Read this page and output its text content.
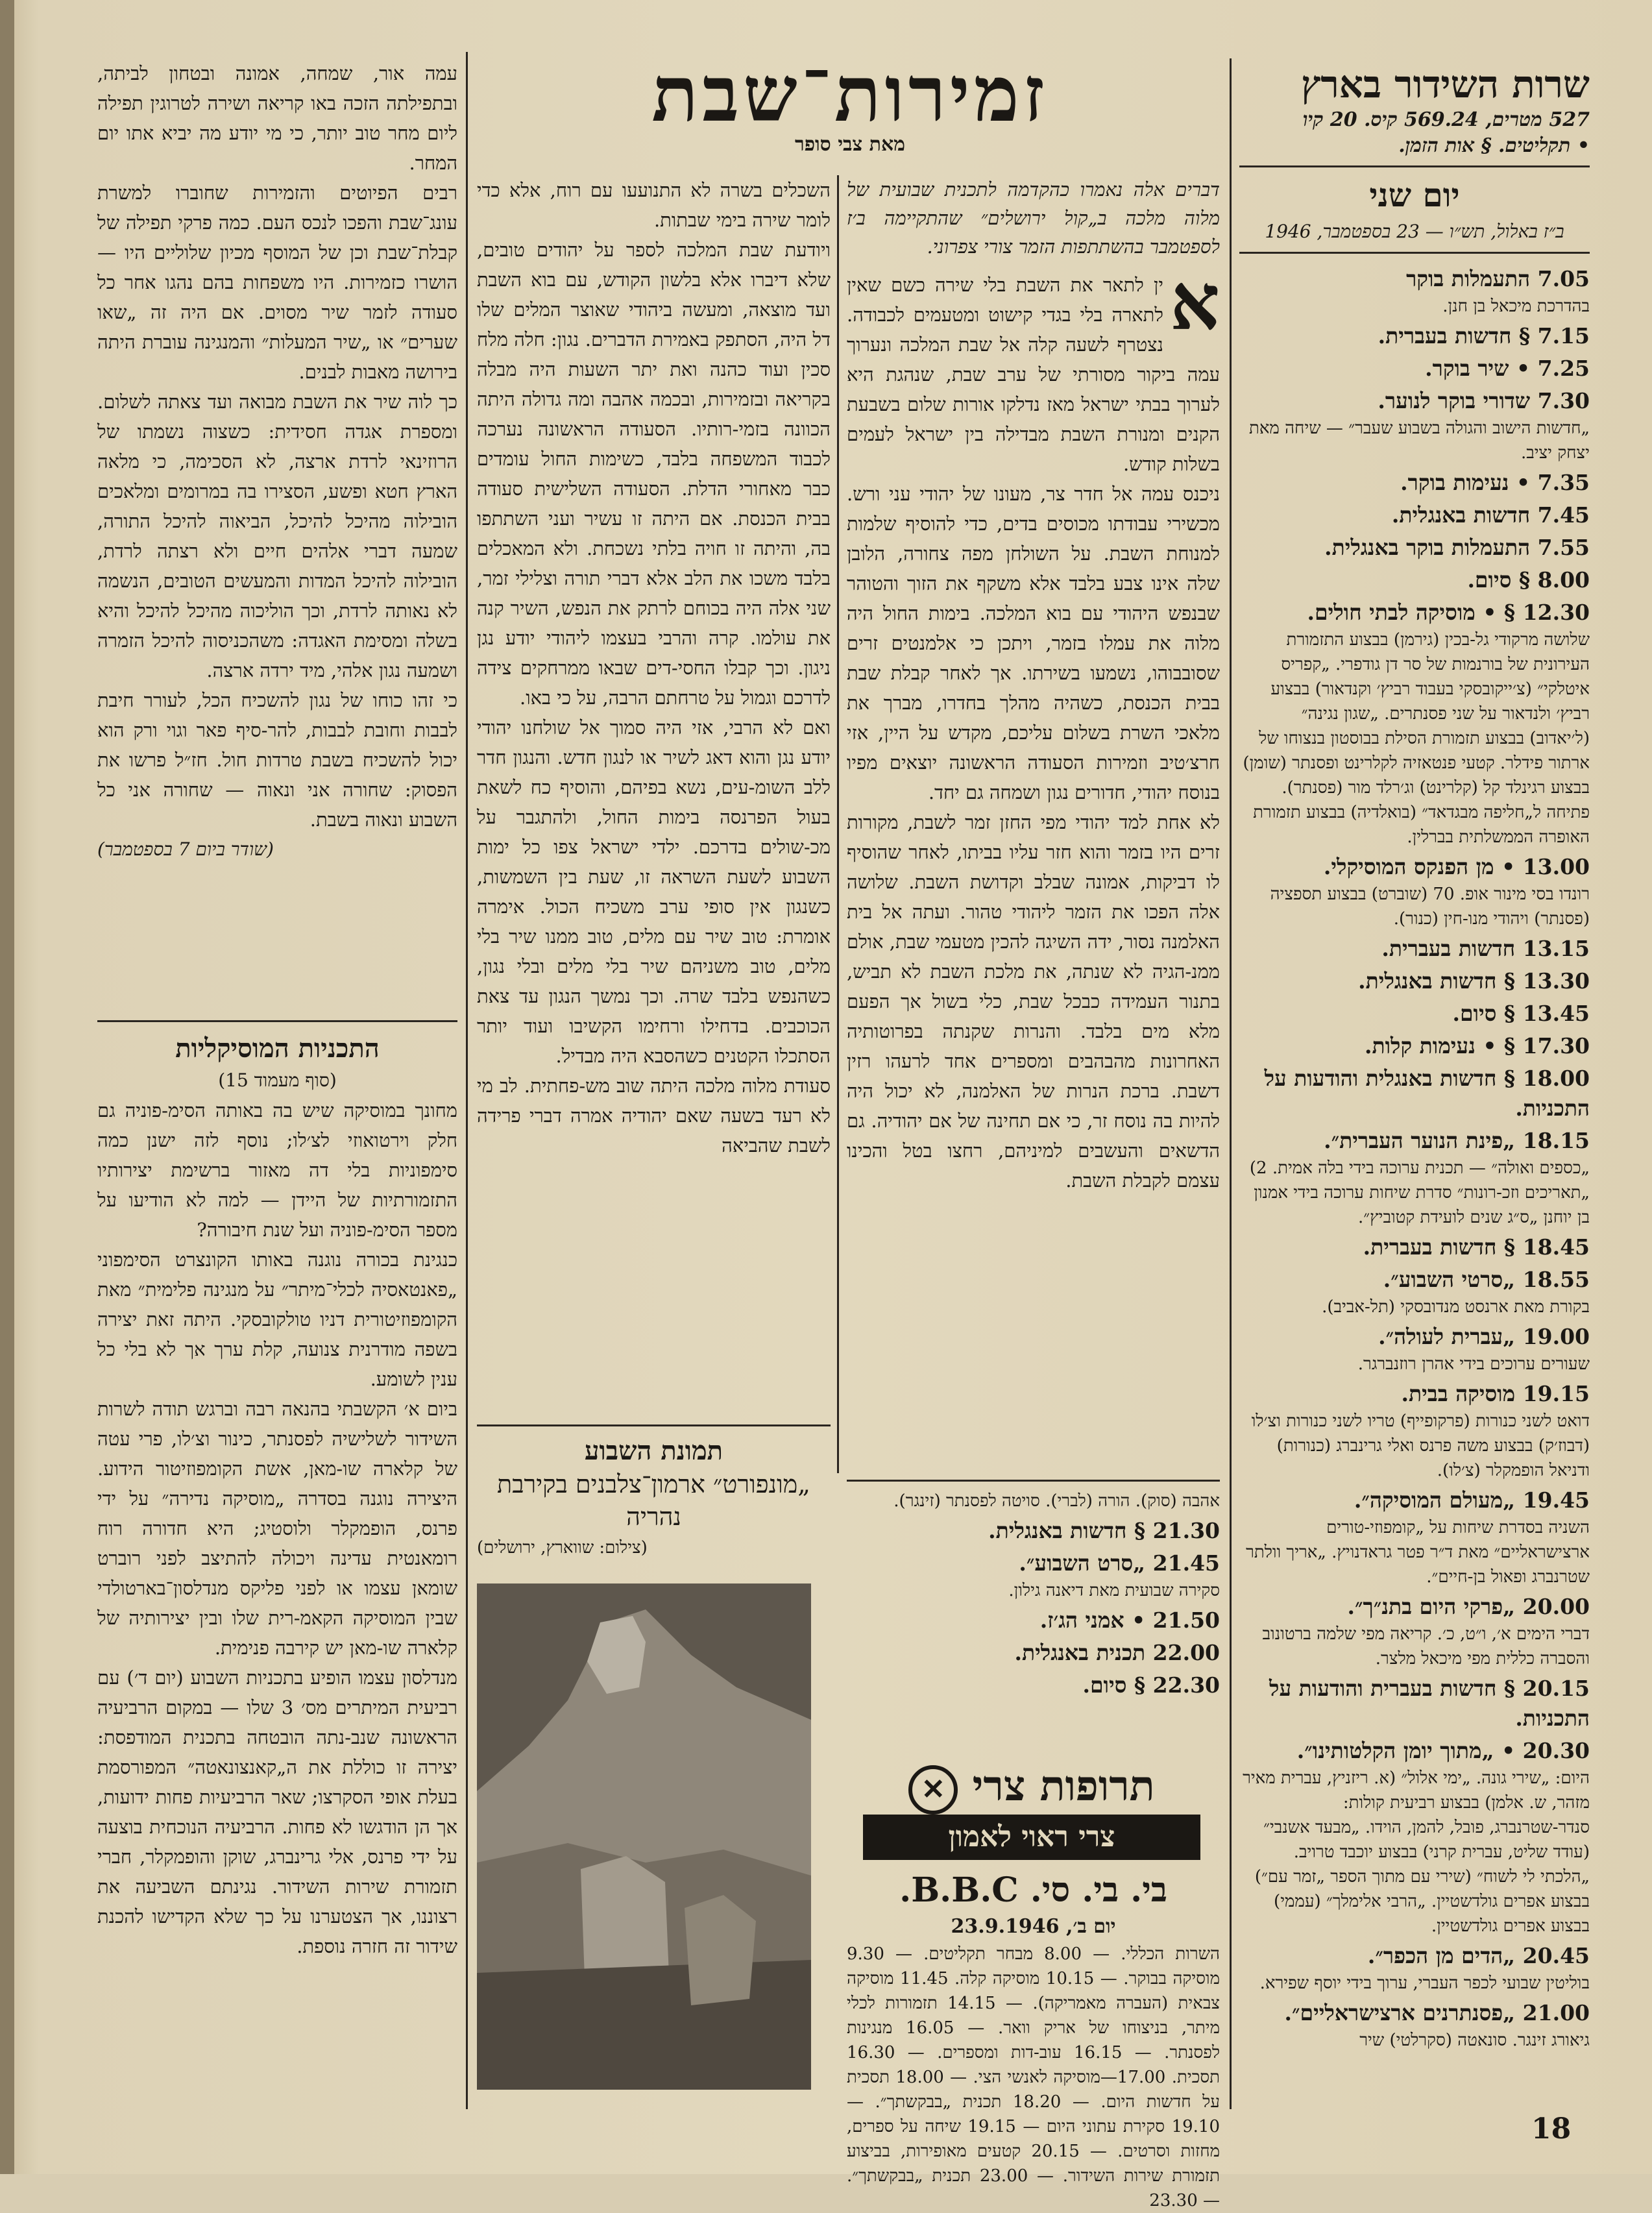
שרות השידור בארץ
527 מטרים, 569.24 קיס. 20 קיו
• תקליטים. § אות הזמן.
יום שני
ב״ז באלול, תש״ו — 23 בספטמבר, 1946
7.05 התעמלות בוקר
בהדרכת מיכאל בן חנן.
7.15 § חדשות בעברית.
7.25 • שיר בוקר.
7.30 שדורי בוקר לנוער.
„חדשות הישוב והגולה בשבוע שעבר״ — שיחה מאת יצחק יציב.
7.35 • נעימות בוקר.
7.45 חדשות באנגלית.
7.55 התעמלות בוקר באנגלית.
8.00 § סיום.
12.30 § • מוסיקה לבתי חולים.
שלושה מרקודי גל-בכין (גירמן) בבצוע התזמורת העירונית של בורנמות של סר דן גודפרי. „קפריס איטלקי״ (צ׳ייקובסקי בעבוד רביץ׳ וקנדאור) בבצוע רביץ׳ ולנדאור על שני פסנתרים. „שגון נגינה״ (ל׳יאדוב) בבצוע תזמורת הסילת בבוסטון בנצוחו של ארתור פידלר. קטעי פנטאזיה לקלרינט ופסנתר (שומן) בבצוע רגינלד קל (קלרינט) וג׳רלד מור (פסנתר). פתיחה ל„חליפה מבגדאד״ (בואלדיה) בבצוע תזמורת האופרה הממשלתית בברלין.
13.00 • מן הפנקס המוסיקלי.
רונדו בסי מינור אופ. 70 (שוברט) בבצוע תספציה (פסנתר) ויהודי מנו-חין (כנור).
13.15 חדשות בעברית.
13.30 § חדשות באנגלית.
13.45 § סיום.
17.30 § • נעימות קלות.
18.00 § חדשות באנגלית והודעות על התכניות.
18.15 „פינת הנוער העברית״.
„כספים ואולה״ — תכנית ערוכה בידי בלה אמית. 2) „תאריכים וזכ-רונות״ סדרת שיחות ערוכה בידי אמנון בן יוחנן „ס״ג שנים לועידת קטוביץ״.
18.45 § חדשות בעברית.
18.55 „סרטי השבוע״.
בקורת מאת ארנסט מנדובסקי (תל-אביב).
19.00 „עברית לעולה״.
שעורים ערוכים בידי אהרן רוזנברגר.
19.15 מוסיקה בבית.
דואט לשני כנורות (פרקופייף) טריו לשני כנורות וצ׳לו (דבוז׳ק) בבצוע משה פרנס ואלי גרינברג (כנורות) ודניאל הופמקלר (צ׳לו).
19.45 „מעולם המוסיקה״.
השניה בסדרת שיחות על „קומפוזי-טורים ארצישראליים״ מאת ד״ר פטר גראדנויץ. „אריך וולתר שטרנברג ופאול בן-חיים״.
20.00 „פרקי היום בתנ״ך״.
דברי הימים א׳, ו״ט, כ׳. קריאה מפי שלמה ברטונוב והסברה כללית מפי מיכאל מלצר.
20.15 § חדשות בעברית והודעות על התכניות.
20.30 • „מתוך יומן הקלטותינו״.
היום: „שירי גונה. „ימי אלול״ (א. ריזניץ, עברית מאיר מזהר, ש. אלמן) בבצוע רביעית קולות: סנדר-שטרנברג, פובל, להמן, הוידו. „מבעד אשנבי״ (עודד שליט, עברית קרני) בבצוע יוכבד טרויב. „הלכתי לי לשוח״ (שירי עם מתוך הספר „זמר עם״) בבצוע אפרים גולדשטיין. „הרבי אלימלך״ (עממי) בבצוע אפרים גולדשטיין.
20.45 „הדים מן הכפר״.
בוליטין שבועי לכפר העברי, ערוך בידי יוסף שפירא.
21.00 „פסנתרנים ארצישראליים״.
גיאורג זינגר. סונאטה (סקרלטי) שיר
זמירות־שבת
מאת צבי סופר
דברים אלה נאמרו כהקדמה לתכנית שבועית של מלוה מלכה ב„קול ירושלים״ שהתקיימה ב׳ז לספטמבר בהשתתפות הזמר צורי צפרוני.
א
ין לתאר את השבת בלי שירה כשם שאין לתארה בלי בגדי קישוט ומטעמים לכבודה. נצטרף לשעה קלה אל שבת המלכה ונערוך עמה ביקור מסורתי של ערב שבת, שנהגת היא לערוך בבתי ישראל מאז נדלקו אורות שלום בשבעת הקנים ומנורת השבת מבדילה בין ישראל לעמים בשלות קודש.
ניכנס עמה אל חדר צר, מעונו של יהודי עני ורש. מכשירי עבודתו מכוסים בדים, כדי להוסיף שלמות למנוחת השבת. על השולחן מפה צחורה, הלובן שלה אינו צבע בלבד אלא משקף את הזוך והטוהר שבנפש היהודי עם בוא המלכה. בימות החול היה מלוה את עמלו בזמר, ויתכן כי אלמנטים זרים שסובבוהו, נשמעו בשירתו. אך לאחר קבלת שבת בבית הכנסת, כשהיה מהלך בחדרו, מברך את מלאכי השרת בשלום עליכם, מקדש על היין, אזי חרצ׳טיב וזמירות הסעודה הראשונה יוצאים מפיו בנוסח יהודי, חדורים נגון ושמחה גם יחד.
לא אחת למד יהודי מפי החזן זמר לשבת, מקורות זרים היו בזמר והוא חזר עליו בביתו, לאחר שהוסיף לו דביקות, אמונה שבלב וקדושת השבת. שלושה אלה הפכו את הזמר ליהודי טהור. ועתה אל בית האלמנה נסור, ידה השיגה להכין מטעמי שבת, אולם ממנ-הגיה לא שנתה, את מלכת השבת לא תביש, בתנור העמידה כבכל שבת, כלי בשול אך הפעם מלא מים בלבד. והנרות שקנתה בפרוטותיה האחרונות מהבהבים ומספרים אחד לרעהו רזין דשבת. ברכת הנרות של האלמנה, לא יכול היה להיות בה נוסח זר, כי אם תחינה של אם יהודיה. גם הדשאים והעשבים למיניהם, רחצו בטל והכינו עצמם לקבלת השבת.
השכלים בשרה לא התנועעו עם רוח, אלא כדי לומר שירה בימי שבתות.
ויודעת שבת המלכה לספר על יהודים טובים, שלא דיברו אלא בלשון הקודש, עם בוא השבת ועד מוצאה, ומעשה ביהודי שאוצר המלים שלו דל היה, הסתפק באמירת הדברים. נגון: חלה מלח סכין ועוד כהנה ואת יתר השעות היה מבלה בקריאה ובזמירות, ובכמה אהבה ומה גדולה היתה הכוונה בזמי-רותיו. הסעודה הראשונה נערכה לכבוד המשפחה בלבד, כשימות החול עומדים כבר מאחורי הדלת. הסעודה השלישית סעודה בבית הכנסת. אם היתה זו עשיר ועני השתתפו בה, והיתה זו חויה בלתי נשכחת. ולא המאכלים בלבד משכו את הלב אלא דברי תורה וצלילי זמר, שני אלה היה בכוחם לרתק את הנפש, השיר קנה את עולמו. קרה והרבי בעצמו ליהודי יודע נגן ניגון. וכך קבלו החסי-דים שבאו ממרחקים צידה לדרכם וגמול על טרחתם הרבה, על כי באו.
ואם לא הרבי, אזי היה סמוך אל שולחנו יהודי יודע נגן והוא דאג לשיר או לנגון חדש. והנגון חדר ללב השומ-עים, נשא בפיהם, והוסיף כח לשאת בעול הפרנסה בימות החול, ולהתגבר על מכ-שולים בדרכם. ילדי ישראל צפו כל ימות השבוע לשעת השראה זו, שעת בין השמשות, כשנגון אין סופי ערב משכיח הכול. אימרה אומרת: טוב שיר עם מלים, טוב ממנו שיר בלי מלים, טוב משניהם שיר בלי מלים ובלי נגון, כשהנפש בלבד שרה. וכך נמשך הנגון עד צאת הכוכבים. בדחילו ורחימו הקשיבו ועוד יותר הסתכלו הקטנים כשהסבא היה מבדיל.
סעודת מלוה מלכה היתה שוב מש-פחתית. לב מי לא רעד בשעה שאם יהודיה אמרה דברי פרידה לשבת שהביאה
עמה אור, שמחה, אמונה ובטחון לביתה, ובתפילתה הזכה באו קריאה ושירה לטרוגין תפילה ליום מחר טוב יותר, כי מי יודע מה יביא אתו יום המחר.
רבים הפיוטים והזמירות שחוברו למשרת עונג־שבת והפכו לנכס העם. כמה פרקי תפילה של קבלת־שבת וכן של המוסף מכיון שלוליים היו — הושרו כזמירות. היו משפחות בהם נהגו אחר כל סעודה לזמר שיר מסוים. אם היה זה „שאו שערים״ או „שיר המעלות״ והמנגינה עוברת היתה בירושה מאבות לבנים.
כך לוה שיר את השבת מבואה ועד צאתה לשלום. ומספרת אגדה חסידית: כשצוה נשמתו של הרוזינאי לרדת ארצה, לא הסכימה, כי מלאה הארץ חטא ופשע, הסצירו בה במרומים ומלאכים הובילוה מהיכל להיכל, הביאוה להיכל התורה, שמעה דברי אלהים חיים ולא רצתה לרדת, הובילוה להיכל המדות והמעשים הטובים, הנשמה לא נאותה לרדת, וכך הוליכוה מהיכל להיכל והיא בשלה ומסימת האגדה: משהכניסוה להיכל הזמרה ושמעה נגון אלהי, מיד ירדה ארצה.
כי זהו כוחו של נגון להשכיח הכל, לעורר חיבת לבבות וחובת לבבות, להר-סיף פאר וגוי ורק הוא יכול להשכיח בשבת טרדות חול. חז״ל פרשו את הפסוק: שחורה אני ונאוה — שחורה אני כל השבוע ונאוה בשבת.
(שודר ביום 7 בספטמבר)
התכניות המוסיקליות
(סוף מעמוד 15)
מחונך במוסיקה שיש בה באותה הסימ-פוניה גם חלק וירטואוזי לצ׳לו; נוסף לזה ישנן כמה סימפוניות בלי דה מאזור ברשימת יצירותיו התזמורתיות של היידן — למה לא הודיעו על מספר הסימ-פוניה ועל שנת חיבורה?
כנגינת בכורה נוגנה באותו הקונצרט הסימפוני „פאנטאסיה לכלי־מיתר״ על מנגינה פלימית״ מאת הקומפוזיטורית דניו טולקובסקי. היתה זאת יצירה בשפה מודרנית צנועה, קלת ערך אך לא בלי כל ענין לשומע.
ביום א׳ הקשבתי בהנאה רבה וברגש תודה לשרות השידור לשלישיה לפסנתר, כינור וצ׳לו, פרי עטה של קלארה שו-מאן, אשת הקומפוזיטור הידוע. היצירה נוגנה בסדרה „מוסיקה נדירה״ על ידי פרנס, הופמקלר ולוסטיג; היא חדורה רוח רומאנטית עדינה ויכולה להתיצב לפני רוברט שומאן עצמו או לפני פליקס מנדלסון־בארטולדי שבין המוסיקה הקאמ-רית שלו ובין יצירותיה של קלארה שו-מאן יש קירבה פנימית.
מנדלסון עצמו הופיע בתכניות השבוע (יום ד׳) עם רביעית המיתרים מס׳ 3 שלו — במקום הרביעיה הראשונה שנב-נתה הובטחה בתכנית המודפסת: יצירה זו כוללת את ה„קאנצונאטה״ המפורסמת בעלת אופי הסקרצו; שאר הרביעיות פחות ידועות, אך הן הודגשו לא פחות. הרביעיה הנוכחית בוצעה על ידי פרנס, אלי גרינברג, שוקן והופמקלר, חברי תזמורת שירות השידור. נגינתם השביעה את רצוננו, אך הצטערנו על כך שלא הקדישו להכנת שידור זה חזרה נוספת.
תמונת השבוע
„מונפורט״ ארמון־צלבנים בקירבת נהריה
(צילום: שווארץ, ירושלים)
אהבה (סוק). הורה (לברי). סויטה לפסנתר (זינגר).
21.30 § חדשות באנגלית.
21.45 „סרט השבוע״.
סקירה שבועית מאת דיאנה גילון.
21.50 • אמני הג׳ז.
22.00 תכנית באנגלית.
22.30 § סיום.
תרופות צרי ✕
צרי ראוי לאמון
בי. בי. סי. B.B.C.
יום ב׳, 23.9.1946
השרות הכללי. — 8.00 מבחר תקליטים. — 9.30 מוסיקה בבוקר. — 10.15 מוסיקה קלה. 11.45 מוסיקה צבאית (העברה מאמריקה). — 14.15 תזמורות לכלי מיתר, בניצוחו של אריק וואר. — 16.05 מנגינות לפסנתר. — 16.15 עוב-דות ומספרים. — 16.30 תסכית. 17.00—מוסיקה לאנשי הצי. — 18.00 תסכית על חדשות היום. — 18.20 תכנית „בבקשתך״. — 19.10 סקירת עתוני היום — 19.15 שיחה על ספרים, מחזות וסרטים. — 20.15 קטעים מאופירות, בביצוע תזמורת שירות השידור. — 23.00 תכנית „בבקשתך״. — 23.30
18
